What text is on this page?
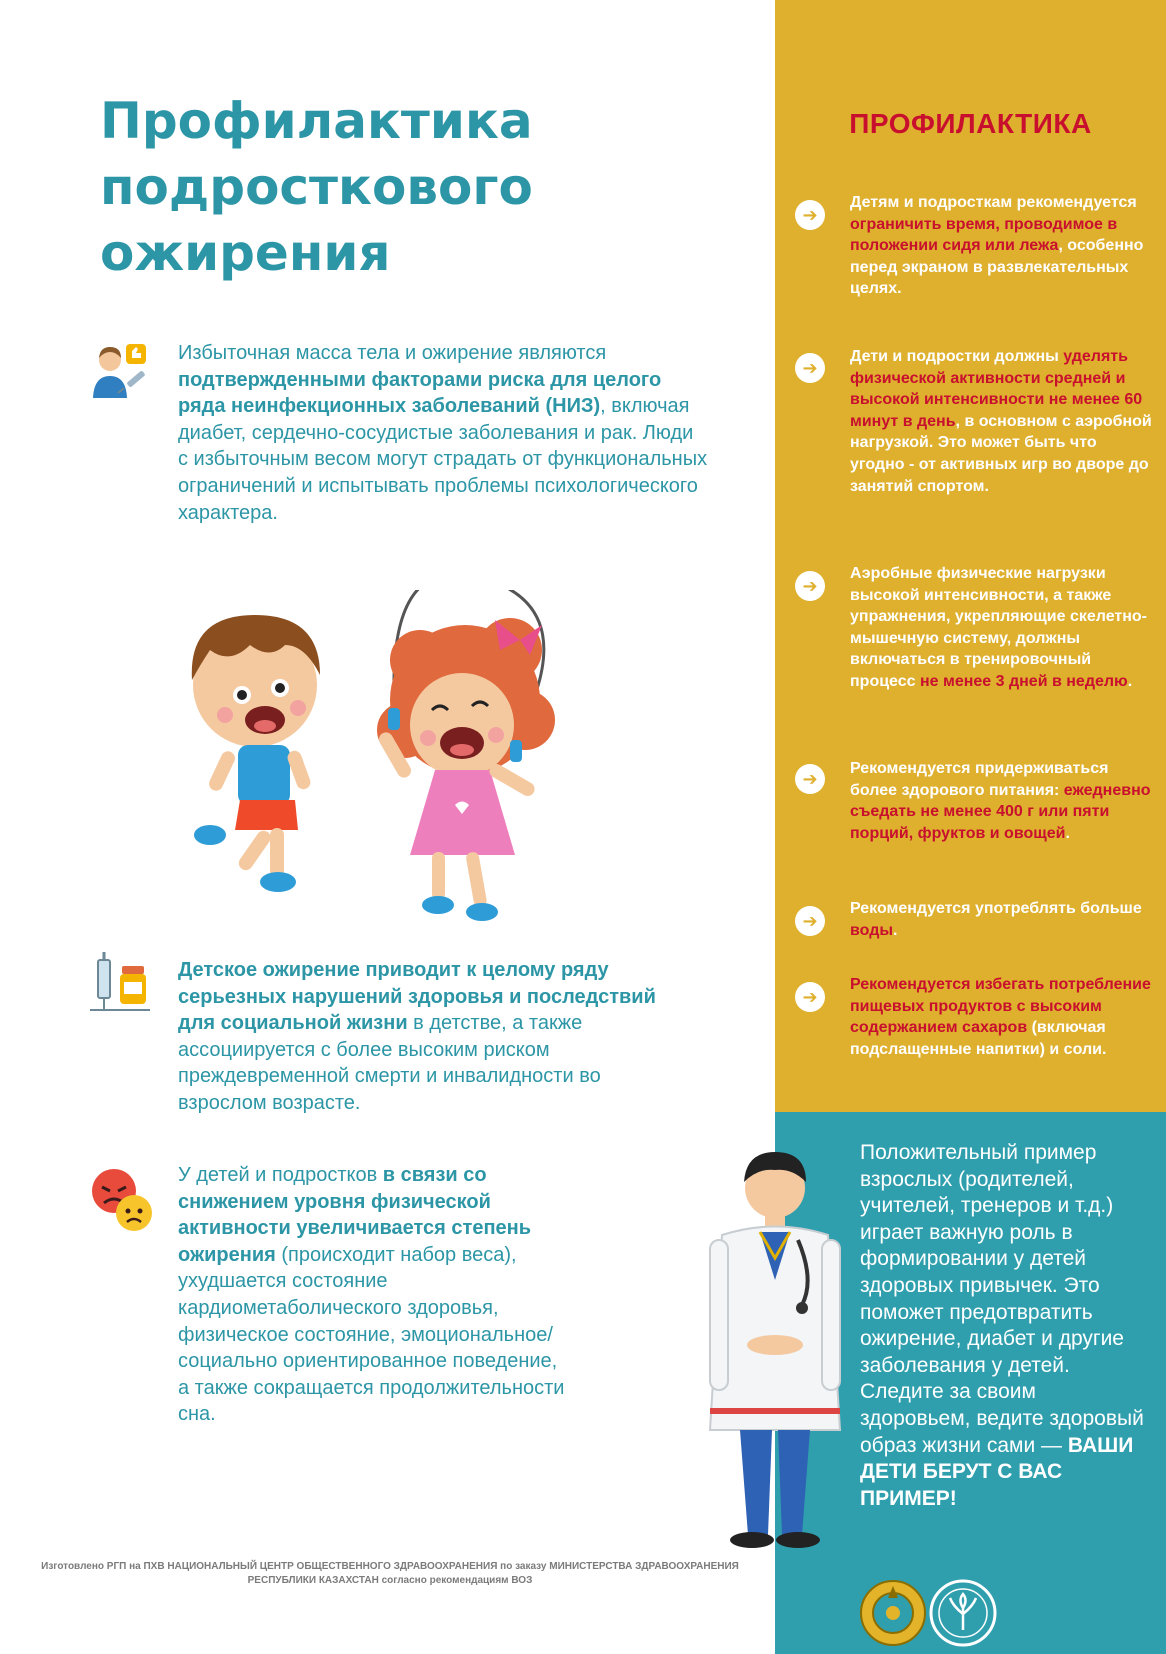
Профилактика
подросткового
ожирения

Избыточная масса тела и ожирение являются подтвержденными факторами риска для целого ряда неинфекционных заболеваний (НИЗ), включая диабет, сердечно-сосудистые заболевания и рак. Люди с избыточным весом могут страдать от функциональных ограничений и испытывать проблемы психологического характера.

Детское ожирение приводит к целому ряду серьезных нарушений здоровья и последствий для социальной жизни в детстве, а также ассоциируется с более высоким риском преждевременной смерти и инвалидности во взрослом возрасте.

У детей и подростков в связи со снижением уровня физической активности увеличивается степень ожирения (происходит набор веса), ухудшается состояние кардиометаболического здоровья, физическое состояние, эмоциональное/социально ориентированное поведение, а также сокращается продолжительности сна.

Изготовлено РГП на ПХВ НАЦИОНАЛЬНЫЙ ЦЕНТР ОБЩЕСТВЕННОГО ЗДРАВООХРАНЕНИЯ по заказу МИНИСТЕРСТВА ЗДРАВООХРАНЕНИЯ РЕСПУБЛИКИ КАЗАХСТАН согласно рекомендациям ВОЗ
ПРОФИЛАКТИКА
➔

Детям и подросткам рекомендуется ограничить время, проводимое в положении сидя или лежа, особенно перед экраном в развлекательных целях.

➔

Дети и подростки должны уделять физической активности средней и высокой интенсивности не менее 60 минут в день, в основном с аэробной нагрузкой. Это может быть что угодно - от активных игр во дворе до занятий спортом.

➔

Аэробные физические нагрузки высокой интенсивности, а также упражнения, укрепляющие скелетно-мышечную систему, должны включаться в тренировочный процесс не менее 3 дней в неделю.

➔

Рекомендуется придерживаться более здорового питания: ежедневно съедать не менее 400 г или пяти порций, фруктов и овощей.

➔

Рекомендуется употреблять больше воды.

➔

Рекомендуется избегать потребление пищевых продуктов с высоким содержанием сахаров (включая подслащенные напитки) и соли.

Положительный пример взрослых (родителей, учителей, тренеров и т.д.) играет важную роль в формировании у детей здоровых привычек. Это поможет предотвратить ожирение, диабет и другие заболевания у детей. Следите за своим здоровьем, ведите здоровый образ жизни сами — ВАШИ ДЕТИ БЕРУТ С ВАС ПРИМЕР!
